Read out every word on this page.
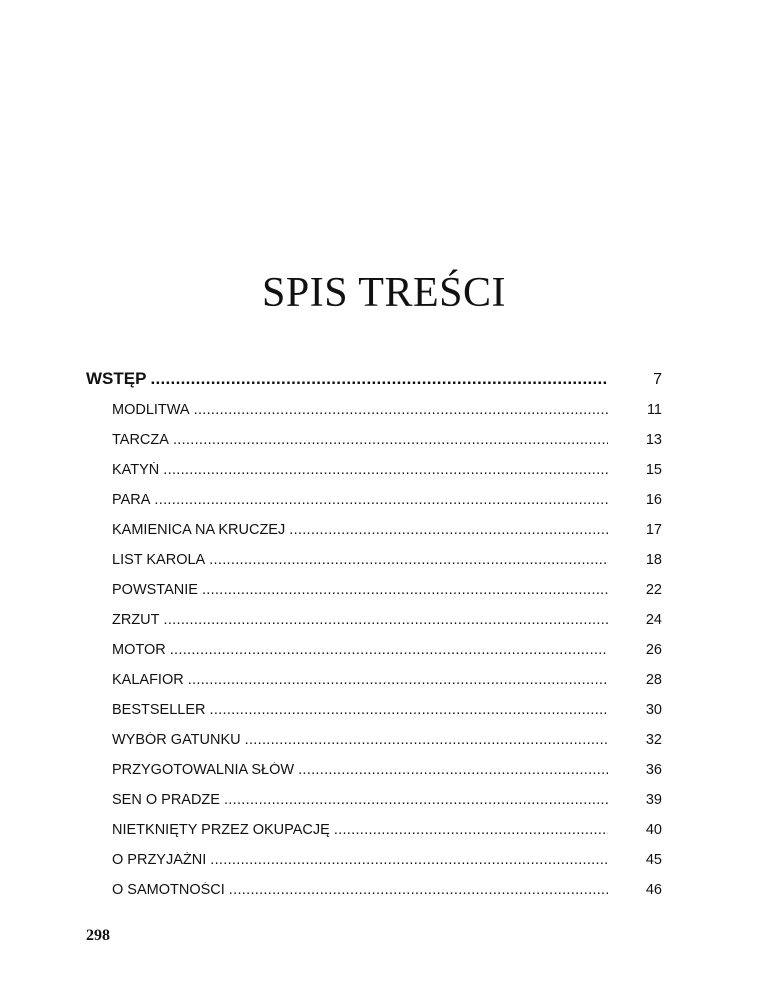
SPIS TREŚCI
WSTĘP .....	7
MODLITWA .....	11
TARCZA .....	13
KATYŃ .....	15
PARA .....	16
KAMIENICA NA KRUCZEJ .....	17
LIST KAROLA .....	18
POWSTANIE .....	22
ZRZUT .....	24
MOTOR .....	26
KALAFIOR .....	28
BESTSELLER .....	30
WYBÓR GATUNKU .....	32
PRZYGOTOWALNIA SŁÓW .....	36
SEN O PRADZE .....	39
NIETKNIĘTY PRZEZ OKUPACJĘ .....	40
O PRZYJAŹNI .....	45
O SAMOTNOŚCI .....	46
298
